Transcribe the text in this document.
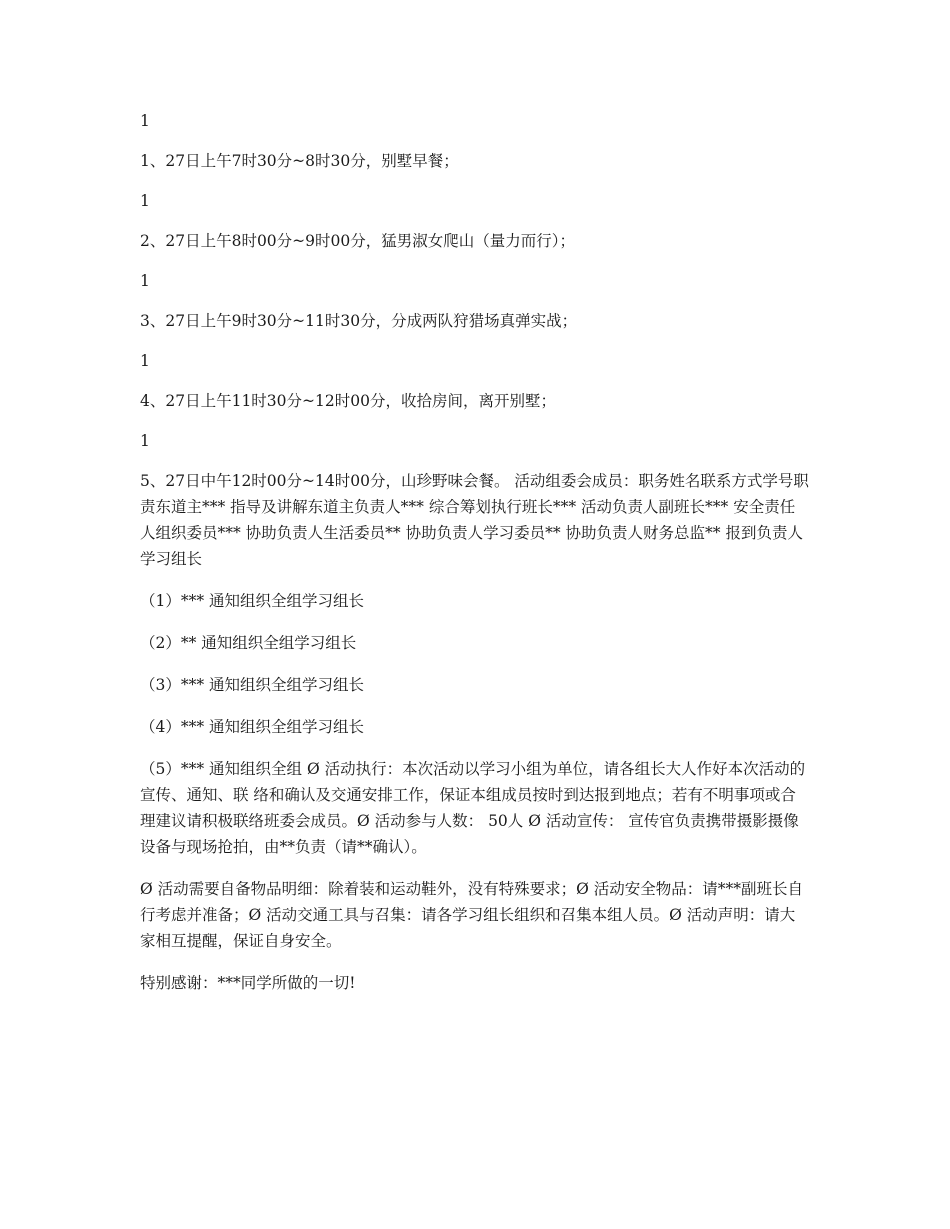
1

1、27日上午7时30分~8时30分，别墅早餐；

1

2、27日上午8时00分~9时00分，猛男淑女爬山（量力而行）；

1

3、27日上午9时30分~11时30分，分成两队狩猎场真弹实战；

1

4、27日上午11时30分~12时00分，收拾房间，离开别墅；

1

5、27日中午12时00分~14时00分，山珍野味会餐。 活动组委会成员：职务姓名联系方式学号职责东道主*** 指导及讲解东道主负责人*** 综合筹划执行班长*** 活动负责人副班长*** 安全责任人组织委员*** 协助负责人生活委员** 协助负责人学习委员** 协助负责人财务总监** 报到负责人学习组长

（1）*** 通知组织全组学习组长

（2）** 通知组织全组学习组长

（3）*** 通知组织全组学习组长

（4）*** 通知组织全组学习组长

（5）*** 通知组织全组 Ø 活动执行：本次活动以学习小组为单位，请各组长大人作好本次活动的宣传、通知、联 络和确认及交通安排工作，保证本组成员按时到达报到地点；若有不明事项或合理建议请积极联络班委会成员。Ø 活动参与人数： 50人 Ø 活动宣传： 宣传官负责携带摄影摄像设备与现场抢拍，由**负责（请**确认）。

Ø 活动需要自备物品明细：除着装和运动鞋外，没有特殊要求；Ø 活动安全物品：请***副班长自行考虑并准备；Ø 活动交通工具与召集：请各学习组长组织和召集本组人员。Ø 活动声明：请大家相互提醒，保证自身安全。

特别感谢：***同学所做的一切!
